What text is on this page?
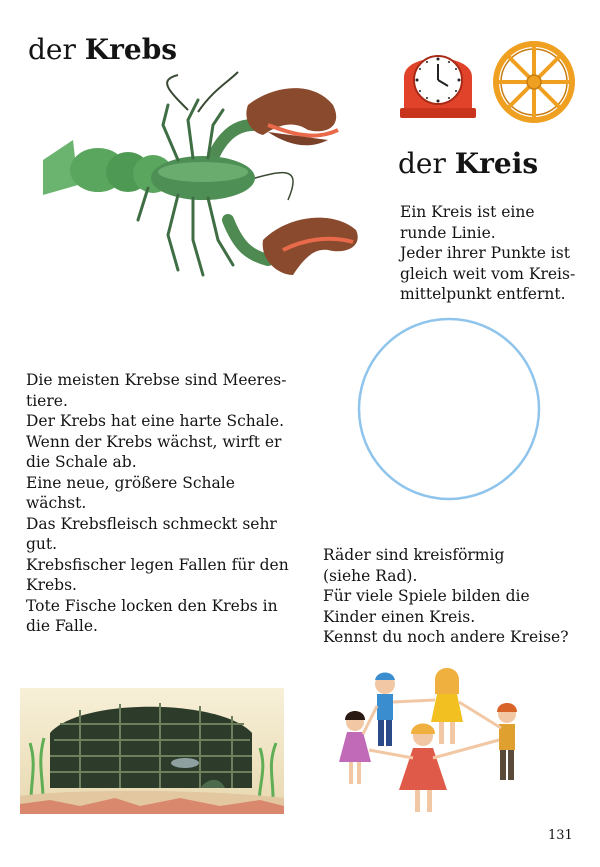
der Krebs
der Kreis
Ein Kreis ist eine
runde Linie.
Jeder ihrer Punkte ist
gleich weit vom Kreis-
mittelpunkt entfernt.
Die meisten Krebse sind Meeres-
tiere.
Der Krebs hat eine harte Schale.
Wenn der Krebs wächst, wirft er
die Schale ab.
Eine neue, größere Schale
wächst.
Das Krebsfleisch schmeckt sehr
gut.
Krebsfischer legen Fallen für den
Krebs.
Tote Fische locken den Krebs in
die Falle.
Räder sind kreisförmig
(siehe Rad).
Für viele Spiele bilden die
Kinder einen Kreis.
Kennst du noch andere Kreise?
131
